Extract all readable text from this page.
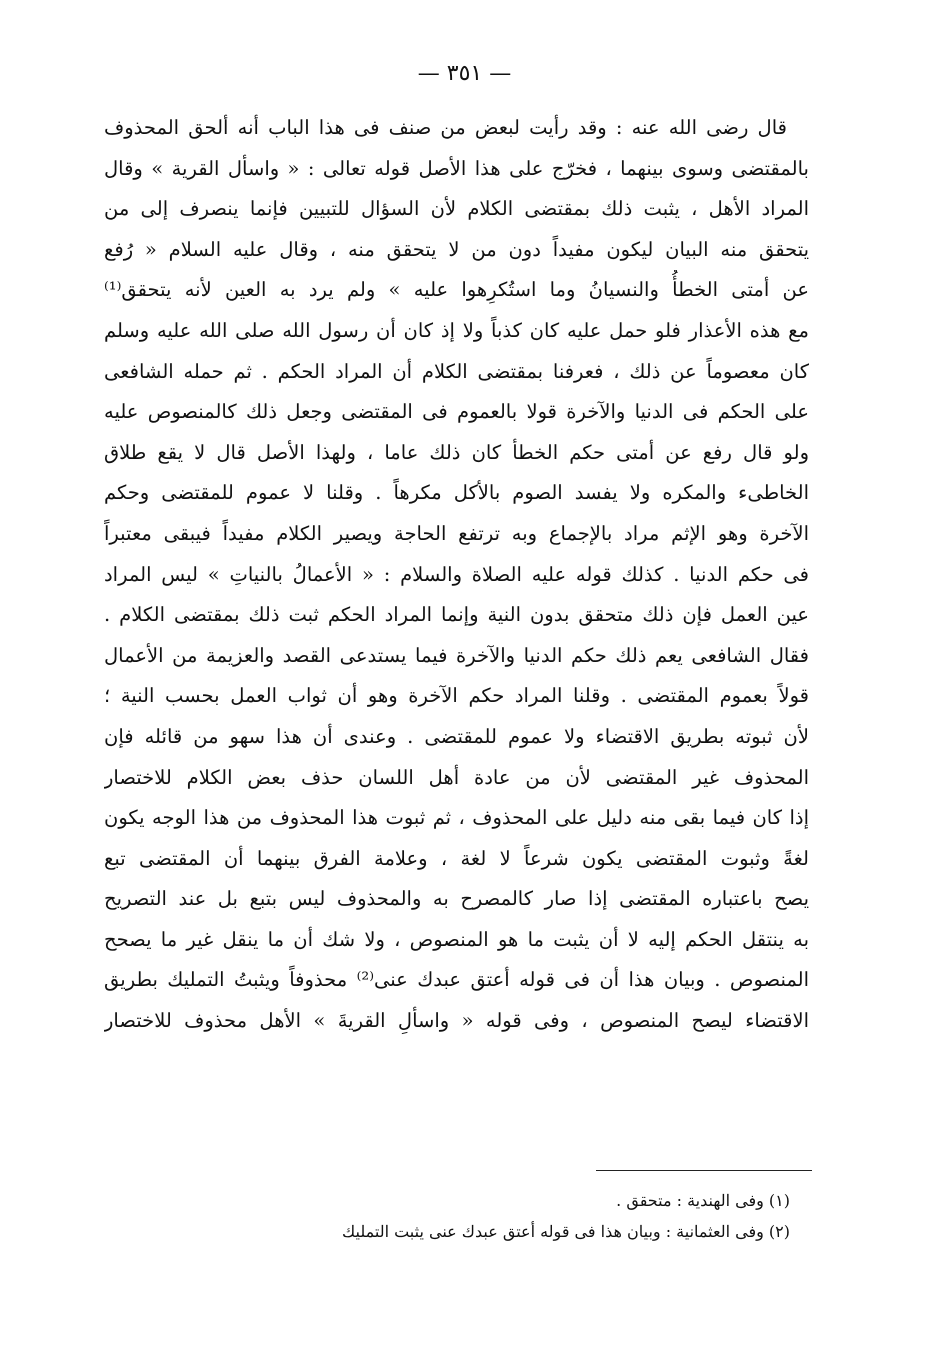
— ٣٥١ —
قال رضى الله عنه : وقد رأيت لبعض من صنف فى هذا الباب أنه ألحق المحذوف
بالمقتضى وسوى بينهما ، فخرّج على هذا الأصل قوله تعالى : « واسأل القرية » وقال
المراد الأهل ، يثبت ذلك بمقتضى الكلام لأن السؤال للتبيين فإنما ينصرف إلى من
يتحقق منه البيان ليكون مفيداً دون من لا يتحقق منه ، وقال عليه السلام « رُفع
عن أمتى الخطأُ والنسيانُ وما استُكرِهوا عليه » ولم يرد به العين لأنه يتحقق⁽¹⁾
مع هذه الأعذار فلو حمل عليه كان كذباً ولا إذ كان أن رسول الله صلى الله عليه وسلم
كان معصوماً عن ذلك ، فعرفنا بمقتضى الكلام أن المراد الحكم . ثم حمله الشافعى
على الحكم فى الدنيا والآخرة قولا بالعموم فى المقتضى وجعل ذلك كالمنصوص عليه
ولو قال رفع عن أمتى حكم الخطأ كان ذلك عاما ، ولهذا الأصل قال لا يقع طلاق
الخاطىء والمكره ولا يفسد الصوم بالأكل مكرهاً . وقلنا لا عموم للمقتضى وحكم
الآخرة وهو الإثم مراد بالإجماع وبه ترتفع الحاجة ويصير الكلام مفيداً فيبقى معتبراً
فى حكم الدنيا . كذلك قوله عليه الصلاة والسلام : « الأعمالُ بالنياتِ » ليس المراد
عين العمل فإن ذلك متحقق بدون النية وإنما المراد الحكم ثبت ذلك بمقتضى الكلام .
فقال الشافعى يعم ذلك حكم الدنيا والآخرة فيما يستدعى القصد والعزيمة من الأعمال
قولاً بعموم المقتضى . وقلنا المراد حكم الآخرة وهو أن ثواب العمل بحسب النية ؛
لأن ثبوته بطريق الاقتضاء ولا عموم للمقتضى . وعندى أن هذا سهو من قائله فإن
المحذوف غير المقتضى لأن من عادة أهل اللسان حذف بعض الكلام للاختصار
إذا كان فيما بقى منه دليل على المحذوف ، ثم ثبوت هذا المحذوف من هذا الوجه يكون
لغةً وثبوت المقتضى يكون شرعاً لا لغة ، وعلامة الفرق بينهما أن المقتضى تبع
يصح باعتباره المقتضى إذا صار كالمصرح به والمحذوف ليس بتبع بل عند التصريح
به ينتقل الحكم إليه لا أن يثبت ما هو المنصوص ، ولا شك أن ما ينقل غير ما يصحح
المنصوص . وبيان هذا أن فى قوله أعتق عبدك عنى⁽²⁾ محذوفاً ويثبتُ التمليك بطريق
الاقتضاء ليصح المنصوص ، وفى قوله « واسألِ القريةَ » الأهل محذوف للاختصار
(١) وفى الهندية : متحقق .
(٢) وفى العثمانية : وبيان هذا فى قوله أعتق عبدك عنى يثبت التمليك
